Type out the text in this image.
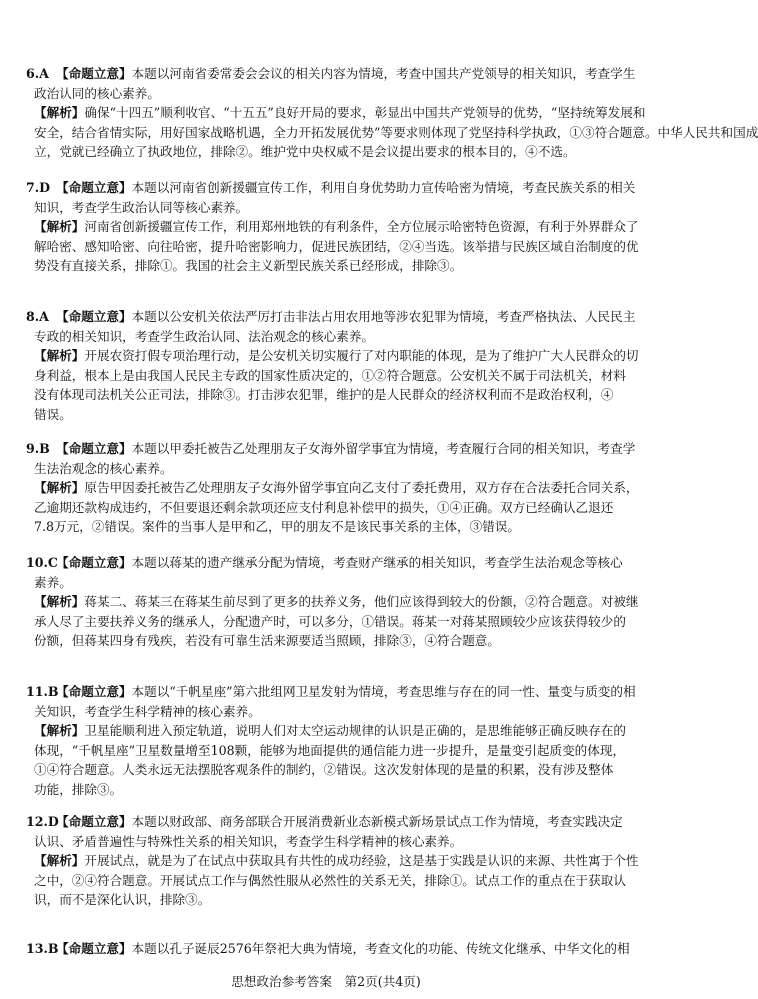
6.A 【命题立意】本题以河南省委常委会会议的相关内容为情境，考查中国共产党领导的相关知识，考查学生
政治认同的核心素养。
【解析】确保“十四五”顺利收官、“十五五”良好开局的要求，彰显出中国共产党领导的优势，“坚持统筹发展和
安全，结合省情实际，用好国家战略机遇，全力开拓发展优势”等要求则体现了党坚持科学执政，①③符合题意。中华人民共和国成
立，党就已经确立了执政地位，排除②。维护党中央权威不是会议提出要求的根本目的，④不选。
7.D 【命题立意】本题以河南省创新援疆宣传工作，利用自身优势助力宣传哈密为情境，考查民族关系的相关
知识，考查学生政治认同等核心素养。
【解析】河南省创新援疆宣传工作，利用郑州地铁的有利条件，全方位展示哈密特色资源，有利于外界群众了
解哈密、感知哈密、向往哈密，提升哈密影响力，促进民族团结，②④当选。该举措与民族区域自治制度的优
势没有直接关系，排除①。我国的社会主义新型民族关系已经形成，排除③。
8.A 【命题立意】本题以公安机关依法严厉打击非法占用农用地等涉农犯罪为情境，考查严格执法、人民民主
专政的相关知识，考查学生政治认同、法治观念的核心素养。
【解析】开展农资打假专项治理行动，是公安机关切实履行了对内职能的体现，是为了维护广大人民群众的切
身利益，根本上是由我国人民民主专政的国家性质决定的，①②符合题意。公安机关不属于司法机关，材料
没有体现司法机关公正司法，排除③。打击涉农犯罪，维护的是人民群众的经济权利而不是政治权利，④
错误。
9.B 【命题立意】本题以甲委托被告乙处理朋友子女海外留学事宜为情境，考查履行合同的相关知识，考查学
生法治观念的核心素养。
【解析】原告甲因委托被告乙处理朋友子女海外留学事宜向乙支付了委托费用，双方存在合法委托合同关系，
乙逾期还款构成违约，不但要退还剩余款项还应支付利息补偿甲的损失，①④正确。双方已经确认乙退还
7.8万元，②错误。案件的当事人是甲和乙，甲的朋友不是该民事关系的主体，③错误。
10.C【命题立意】本题以蒋某的遗产继承分配为情境，考查财产继承的相关知识，考查学生法治观念等核心
素养。
【解析】蒋某二、蒋某三在蒋某生前尽到了更多的扶养义务，他们应该得到较大的份额，②符合题意。对被继
承人尽了主要扶养义务的继承人，分配遗产时，可以多分，①错误。蒋某一对蒋某照顾较少应该获得较少的
份额，但蒋某四身有残疾，若没有可靠生活来源要适当照顾，排除③，④符合题意。
11.B【命题立意】本题以“千帆星座”第六批组网卫星发射为情境，考查思维与存在的同一性、量变与质变的相
关知识，考查学生科学精神的核心素养。
【解析】卫星能顺利进入预定轨道，说明人们对太空运动规律的认识是正确的，是思维能够正确反映存在的
体现，“千帆星座”卫星数量增至108颗，能够为地面提供的通信能力进一步提升，是量变引起质变的体现，
①④符合题意。人类永远无法摆脱客观条件的制约，②错误。这次发射体现的是量的积累，没有涉及整体
功能，排除③。
12.D【命题立意】本题以财政部、商务部联合开展消费新业态新模式新场景试点工作为情境，考查实践决定
认识、矛盾普遍性与特殊性关系的相关知识，考查学生科学精神的核心素养。
【解析】开展试点，就是为了在试点中获取具有共性的成功经验，这是基于实践是认识的来源、共性寓于个性
之中，②④符合题意。开展试点工作与偶然性服从必然性的关系无关，排除①。试点工作的重点在于获取认
识，而不是深化认识，排除③。
13.B【命题立意】本题以孔子诞辰2576年祭祀大典为情境，考查文化的功能、传统文化继承、中华文化的相
思想政治参考答案　第2页(共4页)
